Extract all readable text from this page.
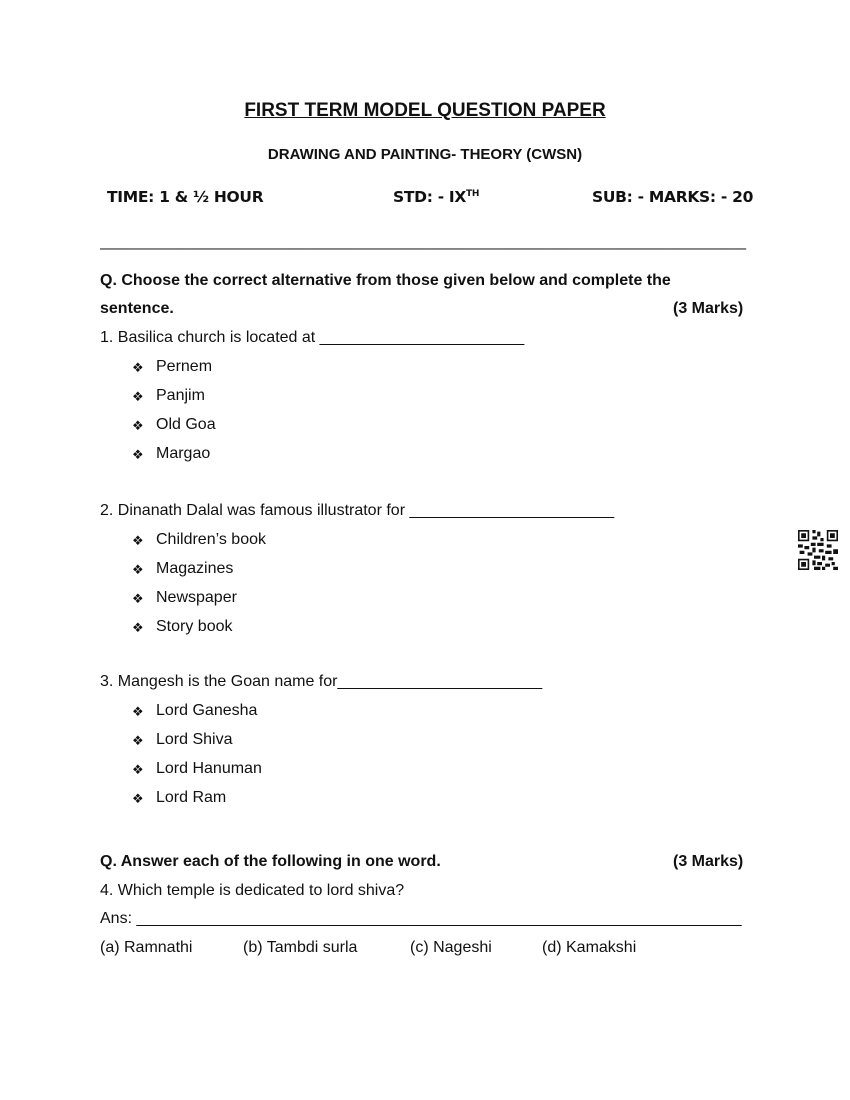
FIRST TERM MODEL QUESTION PAPER
DRAWING AND PAINTING- THEORY (CWSN)
TIME: 1 & ½ HOUR	STD: - IXTH	SUB: - MARKS: - 20
______________________________________________________________________
Q. Choose the correct alternative from those given below and complete the
sentence.	(3 Marks)
1. Basilica church is located at _______________________
❖ Pernem
❖ Panjim
❖ Old Goa
❖ Margao
2. Dinanath Dalal was famous illustrator for _______________________
❖ Children’s book
❖ Magazines
❖ Newspaper
❖ Story book
3. Mangesh is the Goan name for_______________________
❖ Lord Ganesha
❖ Lord Shiva
❖ Lord Hanuman
❖ Lord Ram
Q. Answer each of the following in one word.	(3 Marks)
4. Which temple is dedicated to lord shiva?
Ans: ____________________________________________________________________
(a) Ramnathi	(b) Tambdi surla	(c) Nageshi	(d) Kamakshi
